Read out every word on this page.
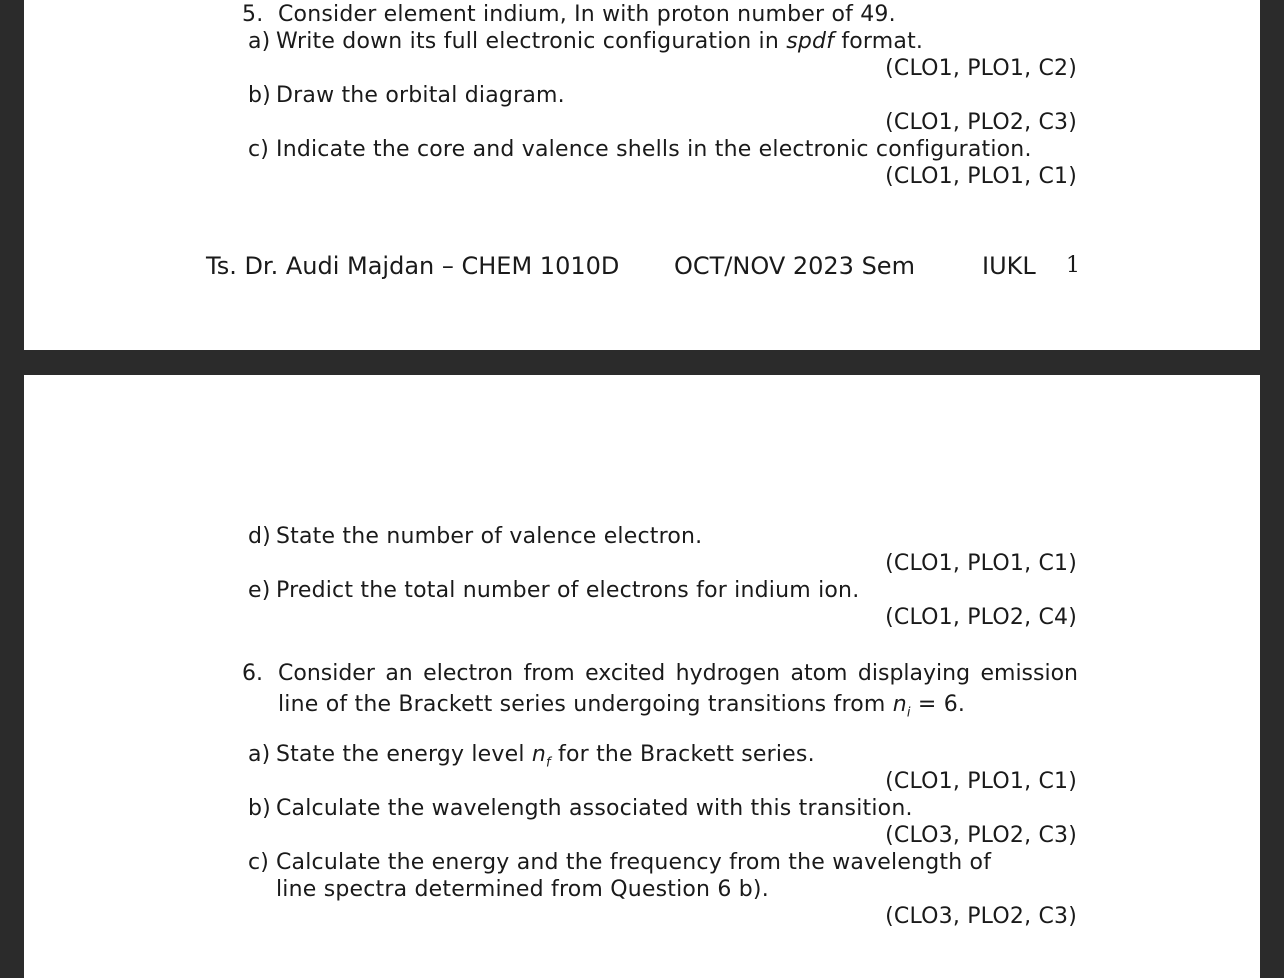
5. Consider element indium, In with proton number of 49.
a) Write down its full electronic configuration in spdf format.
(CLO1, PLO1, C2)
b) Draw the orbital diagram.
(CLO1, PLO2, C3)
c) Indicate the core and valence shells in the electronic configuration.
(CLO1, PLO1, C1)
Ts. Dr. Audi Majdan – CHEM 1010D OCT/NOV 2023 Sem	IUKL 1
d) State the number of valence electron.
(CLO1, PLO1, C1)
e) Predict the total number of electrons for indium ion.
(CLO1, PLO2, C4)
6. Consider an electron from excited hydrogen atom displaying emission
line of the Brackett series undergoing transitions from $n_i = 6$.
a) State the energy level $n_f$ for the Brackett series.
(CLO1, PLO1, C1)
b) Calculate the wavelength associated with this transition.
(CLO3, PLO2, C3)
c) Calculate the energy and the frequency from the wavelength of
line spectra determined from Question 6 b).
(CLO3, PLO2, C3)
